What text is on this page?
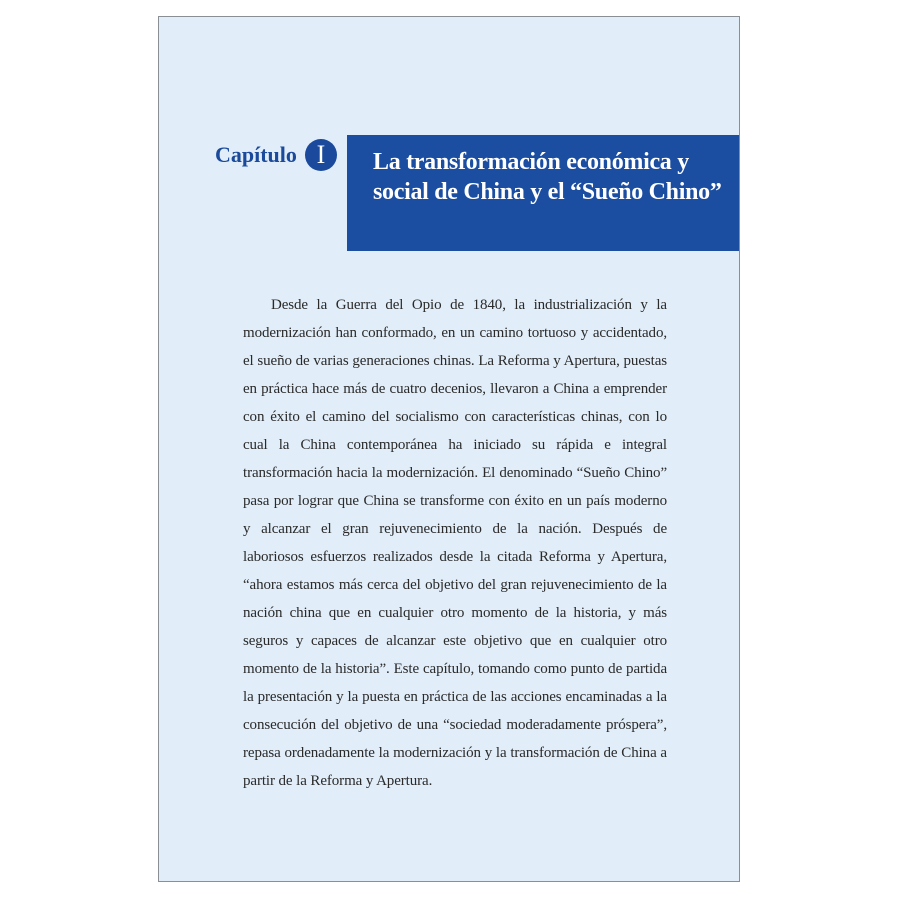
Capítulo I	La transformación económica y social de China y el “Sueño Chino”

Desde la Guerra del Opio de 1840, la industrialización y la modernización han conformado, en un camino tortuoso y accidentado, el sueño de varias generaciones chinas. La Reforma y Apertura, puestas en práctica hace más de cuatro decenios, llevaron a China a emprender con éxito el camino del socialismo con características chinas, con lo cual la China contemporánea ha iniciado su rápida e integral transformación hacia la modernización. El denominado “Sueño Chino” pasa por lograr que China se transforme con éxito en un país moderno y alcanzar el gran rejuvenecimiento de la nación. Después de laboriosos esfuerzos realizados desde la citada Reforma y Apertura, “ahora estamos más cerca del objetivo del gran rejuvenecimiento de la nación china que en cualquier otro momento de la historia, y más seguros y capaces de alcanzar este objetivo que en cualquier otro momento de la historia”. Este capítulo, tomando como punto de partida la presentación y la puesta en práctica de las acciones encaminadas a la consecución del objetivo de una “sociedad moderadamente próspera”, repasa ordenadamente la modernización y la transformación de China a partir de la Reforma y Apertura.
